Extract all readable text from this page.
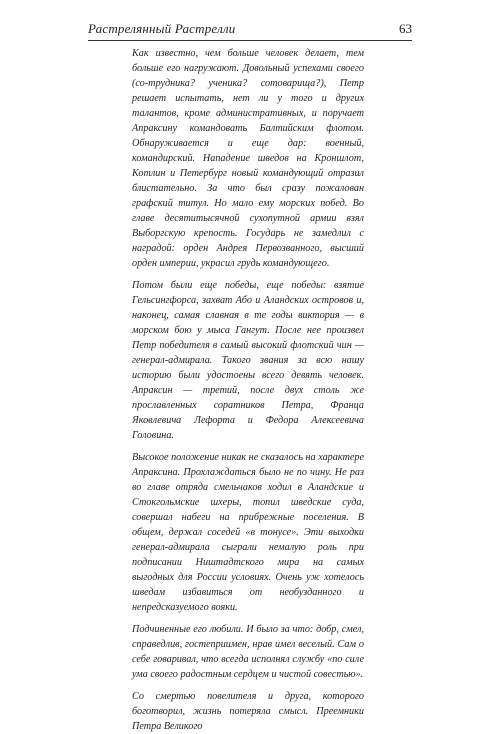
Растрелянный Растрелли	63

Как известно, чем больше человек делает, тем больше его нагружают. Довольный успехами своего (со-трудника? ученика? сотоварища?), Петр решает испытать, нет ли у того и других талантов, кроме административных, и поручает Апраксину командовать Балтийским флотом. Обнаруживается и еще дар: военный, командирский. Нападение шведов на Кроншлот, Котлин и Петербург новый командующий отразил блистательно. За что был сразу пожалован графский титул. Но мало ему морских побед. Во главе десятитысячной сухопутной армии взял Выборгскую крепость. Государь не замедлил с наградой: орден Андрея Первозванного, высший орден империи, украсил грудь командующего.

Потом были еще победы, еще победы: взятие Гельсингфорса, захват Або и Аландских островов и, наконец, самая славная в те годы виктория — в морском бою у мыса Гангут. После нее произвел Петр победителя в самый высокий флотский чин — генерал-адмирала. Такого звания за всю нашу историю были удостоены всего девять человек. Апраксин — третий, после двух столь же прославленных соратников Петра, Франца Яковлевича Лефорта и Федора Алексеевича Головина.

Высокое положение никак не сказалось на характере Апраксина. Прохлаждаться было не по чину. Не раз во главе отряда смельчаков ходил в Аландские и Стокгольмские шхеры, топил шведские суда, совершал набеги на прибрежные поселения. В общем, держал соседей «в тонусе». Эти выходки генерал-адмирала сыграли немалую роль при подписании Ништадтского мира на самых выгодных для России условиях. Очень уж хотелось шведам избавиться от необузданного и непредсказуемого вояки.

Подчиненные его любили. И было за что: добр, смел, справедлив, гостеприимен, нрав имел веселый. Сам о себе говаривал, что всегда исполнял службу «по силе ума своего радостным сердцем и чистой совестью».

Со смертью повелителя и друга, которого боготворил, жизнь потеряла смысл. Преемники Петра Великого
